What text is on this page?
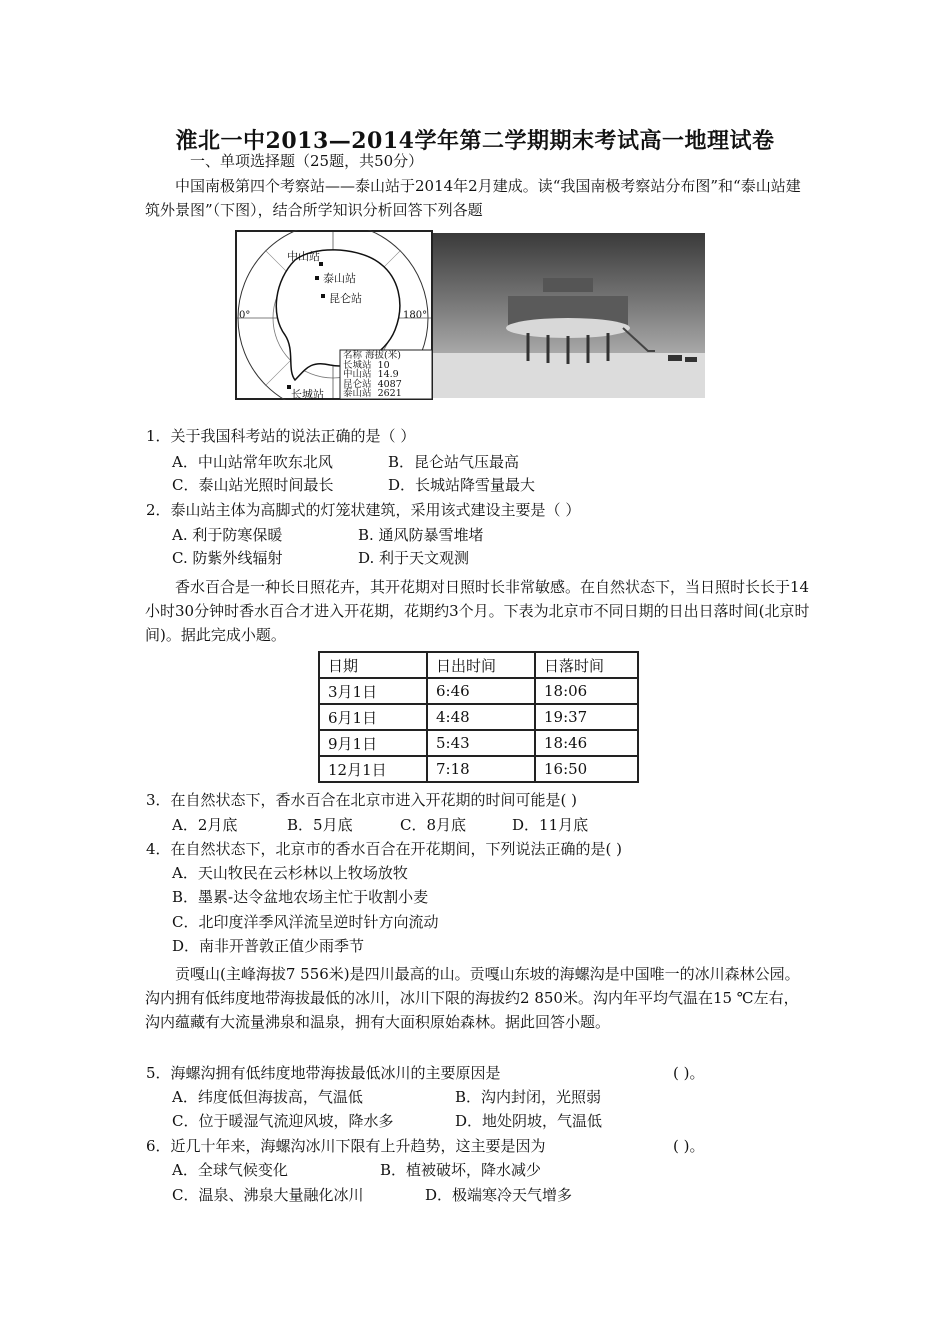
淮北一中2013—2014学年第二学期期末考试高一地理试卷
一、单项选择题（25题，共50分）
中国南极第四个考察站——泰山站于2014年2月建成。读“我国南极考察站分布图”和“泰山站建筑外景图”（下图），结合所学知识分析回答下列各题
中山站
泰山站
昆仑站
0°	180°
长城站
名称 海拔(米)
长城站 10
中山站 14.9
昆仑站 4087
泰山站 2621
1．关于我国科考站的说法正确的是（ ）
A．中山站常年吹东北风	B．昆仑站气压最高
C．泰山站光照时间最长	D．长城站降雪量最大
2．泰山站主体为高脚式的灯笼状建筑，采用该式建设主要是（ ）
A. 利于防寒保暖	B. 通风防暴雪堆堵
C. 防紫外线辐射	D. 利于天文观测
香水百合是一种长日照花卉，其开花期对日照时长非常敏感。在自然状态下，当日照时长长于14小时30分钟时香水百合才进入开花期，花期约3个月。下表为北京市不同日期的日出日落时间(北京时间)。据此完成小题。
日期	日出时间	日落时间
3月1日	6:46	18:06
6月1日	4:48	19:37
9月1日	5:43	18:46
12月1日	7:18	16:50
3．在自然状态下，香水百合在北京市进入开花期的时间可能是( )
A．2月底	B．5月底	C．8月底	D．11月底
4．在自然状态下，北京市的香水百合在开花期间，下列说法正确的是( )
A．天山牧民在云杉林以上牧场放牧
B．墨累-达令盆地农场主忙于收割小麦
C．北印度洋季风洋流呈逆时针方向流动
D．南非开普敦正值少雨季节
贡嘎山(主峰海拔7 556米)是四川最高的山。贡嘎山东坡的海螺沟是中国唯一的冰川森林公园。沟内拥有低纬度地带海拔最低的冰川，冰川下限的海拔约2 850米。沟内年平均气温在15 ℃左右，沟内蕴藏有大流量沸泉和温泉，拥有大面积原始森林。据此回答小题。
5．海螺沟拥有低纬度地带海拔最低冰川的主要原因是	( )。
A．纬度低但海拔高，气温低	B．沟内封闭，光照弱
C．位于暖湿气流迎风坡，降水多	D．地处阴坡，气温低
6．近几十年来，海螺沟冰川下限有上升趋势，这主要是因为	( )。
A．全球气候变化	B．植被破坏，降水减少
C．温泉、沸泉大量融化冰川	D．极端寒冷天气增多
